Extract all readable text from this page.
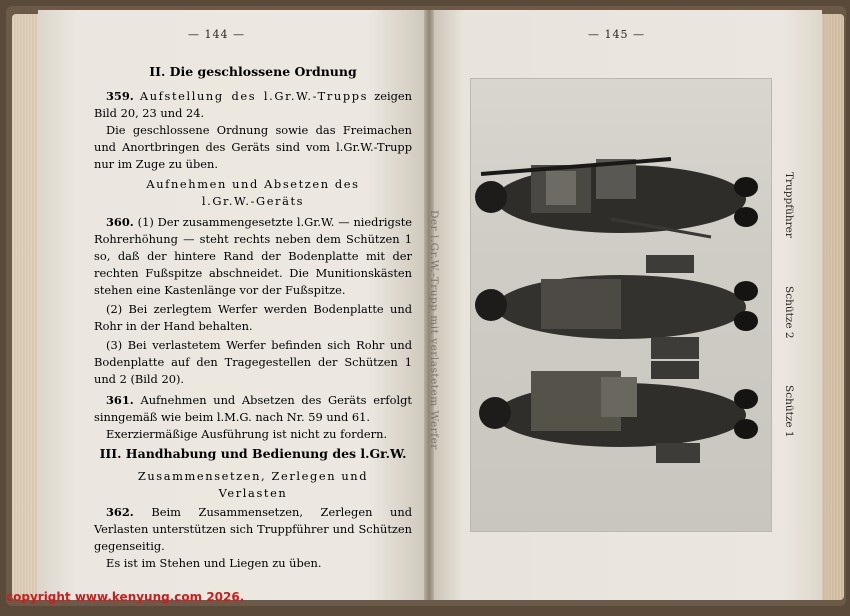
— 144 —
II. Die geschlossene Ordnung

359. Aufstellung des l.Gr.W.-Trupps zeigen Bild 20, 23 und 24.

Die geschlossene Ordnung sowie das Freimachen und Anortbringen des Geräts sind vom l.Gr.W.-Trupp nur im Zuge zu üben.

Aufnehmen und Absetzen des
l.Gr.W.-Geräts

360. (1) Der zusammengesetzte l.Gr.W. — niedrigste Rohrerhöhung — steht rechts neben dem Schützen 1 so, daß der hintere Rand der Bodenplatte mit der rechten Fußspitze abschneidet. Die Munitionskästen stehen eine Kastenlänge vor der Fußspitze.

(2) Bei zerlegtem Werfer werden Bodenplatte und Rohr in der Hand behalten.

(3) Bei verlastetem Werfer befinden sich Rohr und Bodenplatte auf den Tragegestellen der Schützen 1 und 2 (Bild 20).

361. Aufnehmen und Absetzen des Geräts erfolgt sinngemäß wie beim l.M.G. nach Nr. 59 und 61.

Exerziermäßige Ausführung ist nicht zu fordern.

III. Handhabung und Bedienung des l.Gr.W.
Zusammensetzen, Zerlegen und
Verlasten

362. Beim Zusammensetzen, Zerlegen und Verlasten unterstützen sich Truppführer und Schützen gegenseitig.

Es ist im Stehen und Liegen zu üben.

— 145 —
Der l.Gr.W.-Trupp mit verlastetem Werfer
Truppführer
Schütze 2
Schütze 1
copyright www.kenyung.com 2026.
